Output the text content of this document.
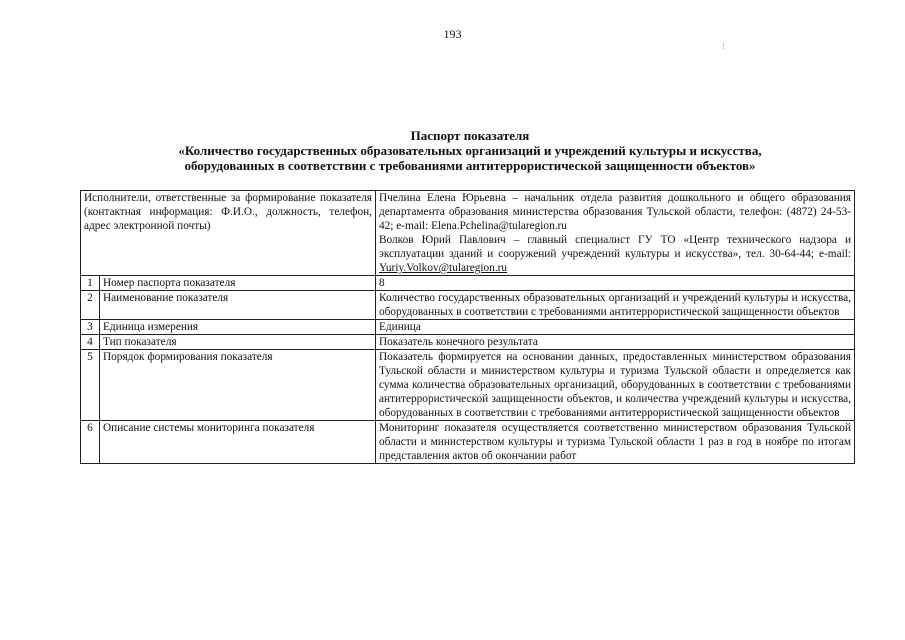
193
!
Паспорт показателя
«Количество государственных образовательных организаций и учреждений культуры и искусства,
оборудованных в соответствии с требованиями антитеррористической защищенности объектов»
Исполнители, ответственные за формирование показателя (контактная информация: Ф.И.О., должность, телефон, адрес электронной почты)		Пчелина Елена Юрьевна – начальник отдела развития дошкольного и общего образования департамента образования министерства образования Тульской области, телефон: (4872) 24-53-42; e-mail: Elena.Pchelina@tularegion.ru

Волков Юрий Павлович – главный специалист ГУ ТО «Центр технического надзора и эксплуатации зданий и сооружений учреждений культуры и искусства», тел. 30-64-44; e-mail: Yuriy.Volkov@tularegion.ru

1	Номер паспорта показателя	8
2	Наименование показателя	Количество государственных образовательных организаций и учреждений культуры и искусства, оборудованных в соответствии с требованиями антитеррористической защищенности объектов
3	Единица измерения	Единица
4	Тип показателя	Показатель конечного результата
5	Порядок формирования показателя	Показатель формируется на основании данных, предоставленных министерством образования Тульской области и министерством культуры и туризма Тульской области и определяется как сумма количества образовательных организаций, оборудованных в соответствии с требованиями антитеррористической защищенности объектов, и количества учреждений культуры и искусства, оборудованных в соответствии с требованиями антитеррористической защищенности объектов
6	Описание системы мониторинга показателя	Мониторинг показателя осуществляется соответственно министерством образования Тульской области и министерством культуры и туризма Тульской области 1 раз в год в ноябре по итогам представления актов об окончании работ
